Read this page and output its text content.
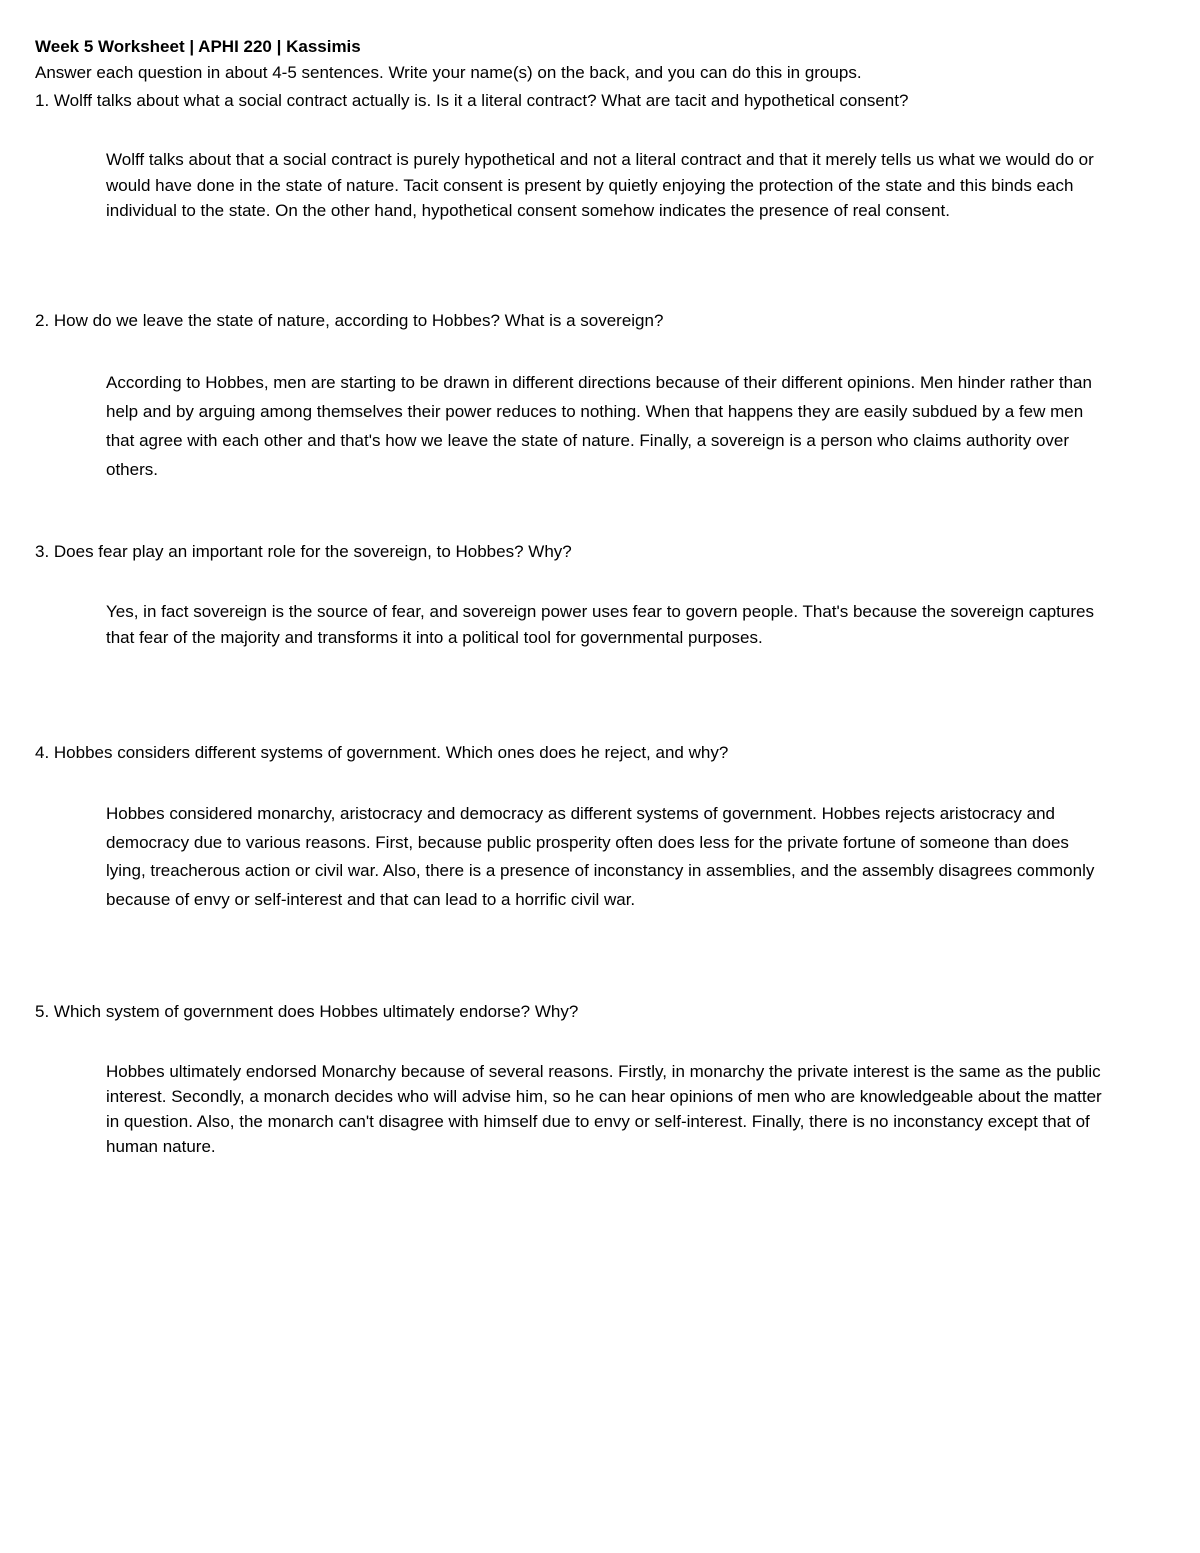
Week 5 Worksheet | APHI 220 | Kassimis
Answer each question in about 4-5 sentences. Write your name(s) on the back, and you can do this in groups.
1. Wolff talks about what a social contract actually is. Is it a literal contract? What are tacit and hypothetical consent?

Wolff talks about that a social contract is purely hypothetical and not a literal contract and that it merely tells us what we would do or would have done in the state of nature. Tacit consent is present by quietly enjoying the protection of the state and this binds each individual to the state. On the other hand, hypothetical consent somehow indicates the presence of real consent.

2. How do we leave the state of nature, according to Hobbes? What is a sovereign?

According to Hobbes, men are starting to be drawn in different directions because of their different opinions. Men hinder rather than help and by arguing among themselves their power reduces to nothing. When that happens they are easily subdued by a few men that agree with each other and that's how we leave the state of nature. Finally, a sovereign is a person who claims authority over others.

3. Does fear play an important role for the sovereign, to Hobbes? Why?

Yes, in fact sovereign is the source of fear, and sovereign power uses fear to govern people. That's because the sovereign captures that fear of the majority and transforms it into a political tool for governmental purposes.

4. Hobbes considers different systems of government. Which ones does he reject, and why?

Hobbes considered monarchy, aristocracy and democracy as different systems of government. Hobbes rejects aristocracy and democracy due to various reasons. First, because public prosperity often does less for the private fortune of someone than does lying, treacherous action or civil war. Also, there is a presence of inconstancy in assemblies, and the assembly disagrees commonly because of envy or self-interest and that can lead to a horrific civil war.

5. Which system of government does Hobbes ultimately endorse? Why?

Hobbes ultimately endorsed Monarchy because of several reasons. Firstly, in monarchy the private interest is the same as the public interest. Secondly, a monarch decides who will advise him, so he can hear opinions of men who are knowledgeable about the matter in question. Also, the monarch can't disagree with himself due to envy or self-interest. Finally, there is no inconstancy except that of human nature.
